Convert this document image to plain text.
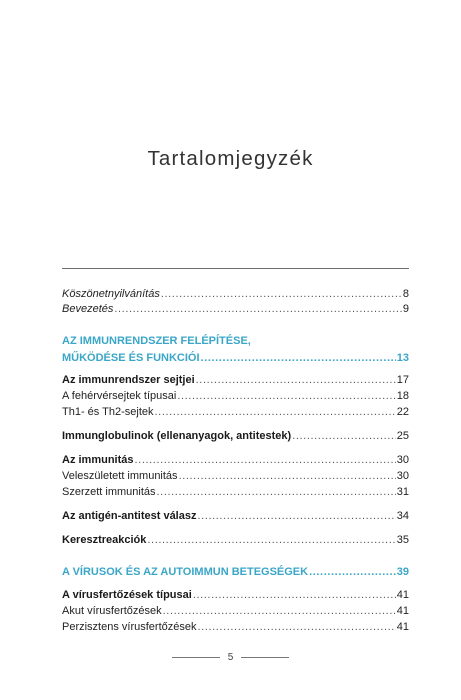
Tartalomjegyzék
Köszönetnyilvánítás .....	8
Bevezetés .....	9
AZ IMMUNRENDSZER FELÉPÍTÉSE,
MŰKÖDÉSE ÉS FUNKCIÓI .....	13
Az immunrendszer sejtjei .....	17
A fehérvérsejtek típusai .....	18
Th1- és Th2-sejtek .....	22
Immunglobulinok (ellenanyagok, antitestek) .....	25
Az immunitás .....	30
Veleszületett immunitás .....	30
Szerzett immunitás .....	31
Az antigén-antitest válasz .....	34
Keresztreakciók .....	35
A VÍRUSOK ÉS AZ AUTOIMMUN BETEGSÉGEK .....	39
A vírusfertőzések típusai .....	41
Akut vírusfertőzések .....	41
Perzisztens vírusfertőzések .....	41
5
